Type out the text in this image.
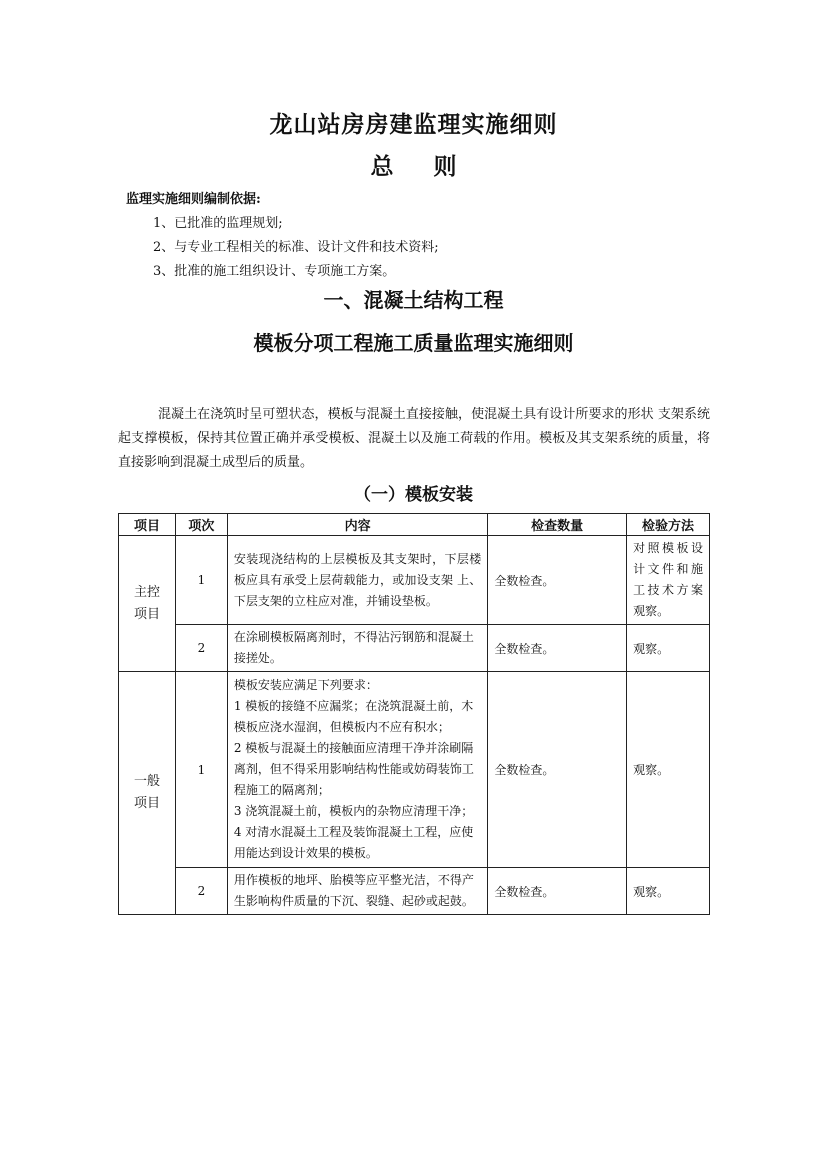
龙山站房房建监理实施细则
总    则
监理实施细则编制依据:
1、已批准的监理规划;
2、与专业工程相关的标准、设计文件和技术资料;
3、批准的施工组织设计、专项施工方案。
一、混凝土结构工程
模板分项工程施工质量监理实施细则
混凝土在浇筑时呈可塑状态，模板与混凝土直接接触，使混凝土具有设计所要求的形状 支架系统起支撑模板，保持其位置正确并承受模板、混凝土以及施工荷载的作用。模板及其支架系统的质量，将直接影响到混凝土成型后的质量。
（一）模板安装
项目	项次	内容	检查数量	检验方法

主控
项目	1	安装现浇结构的上层模板及其支架时，下层楼板应具有承受上层荷载能力，或加设支架 上、下层支架的立柱应对准，并铺设垫板。	全数检查。	对照模板设计文件和施工技术方案观察。
	2	在涂刷模板隔离剂时，不得沾污钢筋和混凝土接搓处。	全数检查。	观察。

一般
项目	1	模板安装应满足下列要求：
1 模板的接缝不应漏浆；在浇筑混凝土前，木模板应浇水湿润，但模板内不应有积水；
2 模板与混凝土的接触面应清理干净并涂刷隔离剂，但不得采用影响结构性能或妨碍装饰工程施工的隔离剂；
3 浇筑混凝土前，模板内的杂物应清理干净；
4 对清水混凝土工程及装饰混凝土工程，应使用能达到设计效果的模板。	全数检查。	观察。
	2	用作模板的地坪、胎模等应平整光洁，不得产生影响构件质量的下沉、裂缝、起砂或起鼓。	全数检查。	观察。
